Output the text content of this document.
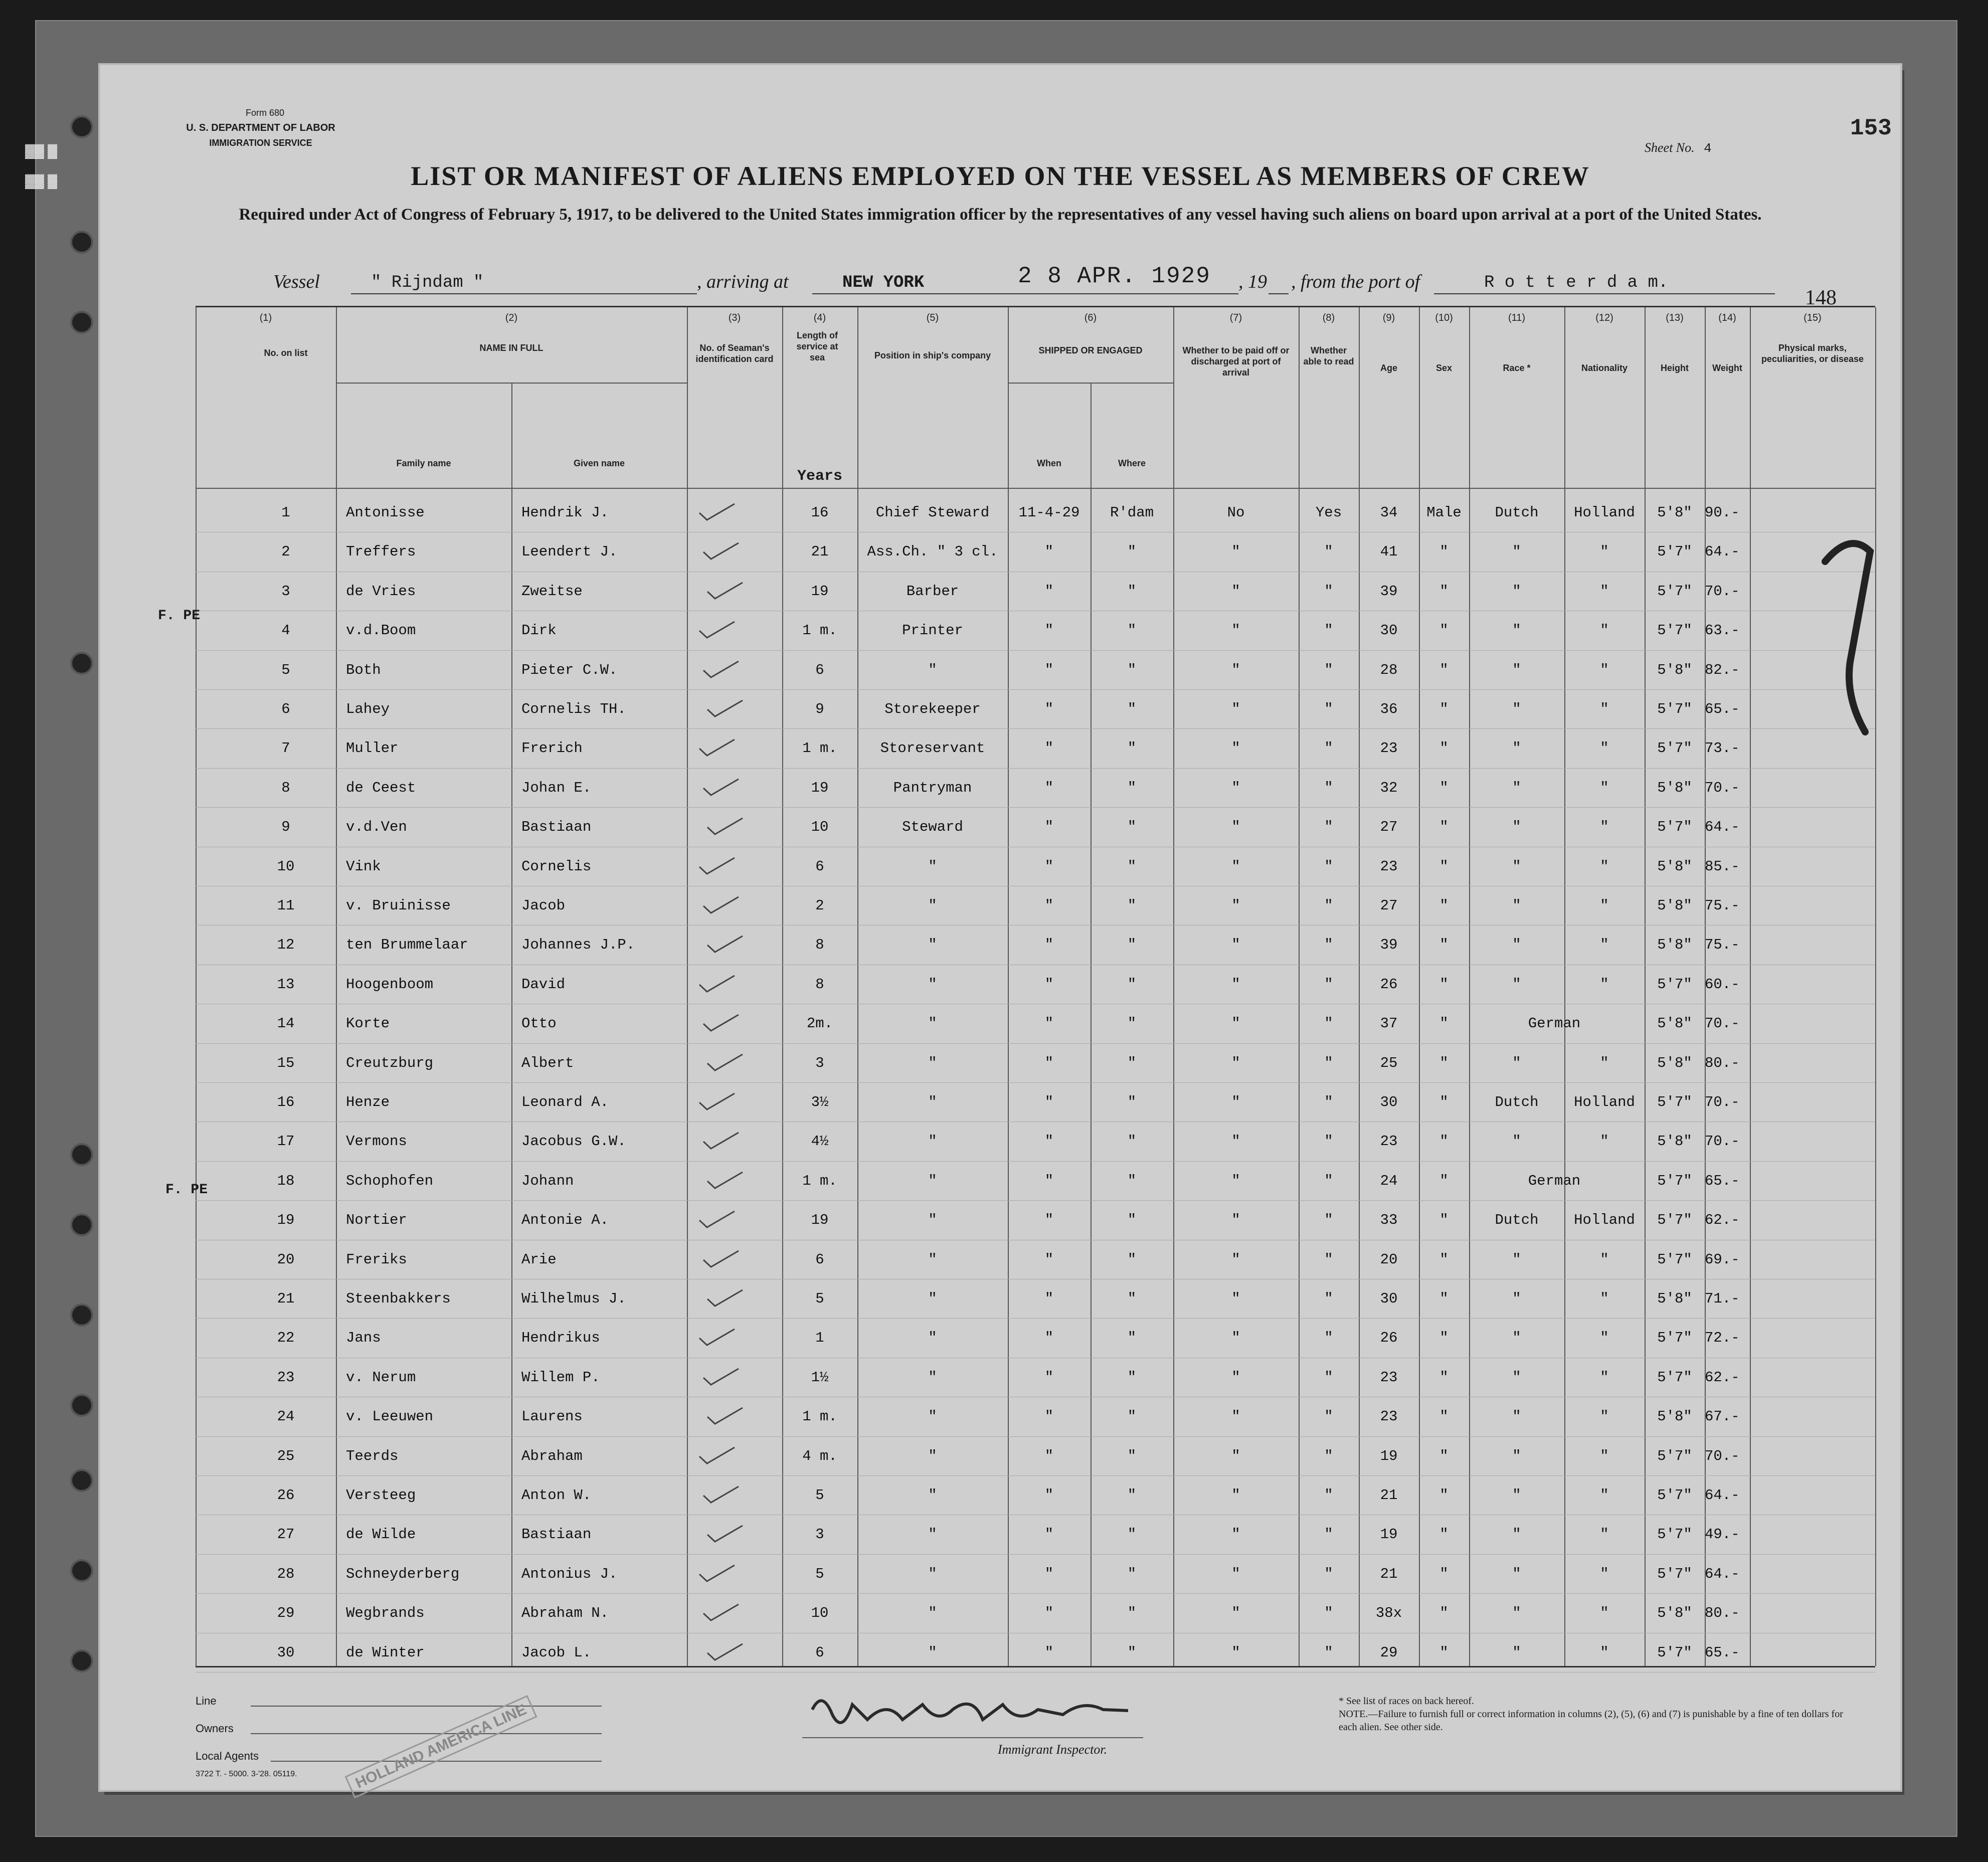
▓▓ ▓
▓▓ ▓
153
Form 680
U. S. DEPARTMENT OF LABOR
IMMIGRATION SERVICE	Sheet No. 4
LIST OR MANIFEST OF ALIENS EMPLOYED ON THE VESSEL AS MEMBERS OF CREW
Required under Act of Congress of February 5, 1917, to be delivered to the United States immigration officer by the representatives of any vessel having such aliens on board upon arrival at a port of the United States.
Vessel	" Rijndam "	, arriving at	NEW YORK	2 8 APR. 1929 , 19 , from the port of	R o t t e r d a m.
148
(1)
No. on list
(2)
NAME IN FULL
Family name	Given name
(3)
No. of Seaman's identification card
(4)
Length of service at sea
Years
(5)
Position in ship's company
(6)
SHIPPED OR ENGAGED
When	Where
(7)
Whether to be paid off or discharged at port of arrival
(8)
Whether able to read
(9)
Age
(10)
Sex
(11)
Race *
(12)
Nationality
(13)
Height
(14)
Weight
(15)
Physical marks, peculiarities, or disease
1	Antonisse	Hendrik J.	16	Chief Steward	11-4-29	R'dam	No	Yes	34	Male	Dutch	Holland	5'8" 90.-
2	Treffers	Leendert J.	21	Ass.Ch. " 3 cl.	"	"	"	"	41	"	"	"	5'7" 64.-
3	de Vries	Zweitse	19	Barber	"	"	"	"	39	"	"	"	5'7" 70.-
4	v.d.Boom	Dirk	1 m.	Printer	"	"	"	"	30	"	"	"	5'7" 63.-
5	Both	Pieter C.W.	6	"	"	"	"	"	28	"	"	"	5'8" 82.-
6	Lahey	Cornelis TH.	9	Storekeeper	"	"	"	"	36	"	"	"	5'7" 65.-
7	Muller	Frerich	1 m.	Storeservant	"	"	"	"	23	"	"	"	5'7" 73.-
8	de Ceest	Johan E.	19	Pantryman	"	"	"	"	32	"	"	"	5'8" 70.-
9	v.d.Ven	Bastiaan	10	Steward	"	"	"	"	27	"	"	"	5'7" 64.-
10	Vink	Cornelis	6	"	"	"	"	"	23	"	"	"	5'8" 85.-
11	v. Bruinisse	Jacob	2	"	"	"	"	"	27	"	"	"	5'8" 75.-
12	ten Brummelaar	Johannes J.P.	8	"	"	"	"	"	39	"	"	"	5'8" 75.-
13	Hoogenboom	David	8	"	"	"	"	"	26	"	"	"	5'7" 60.-
14	Korte	Otto	2m.	"	"	"	"	"	37	"	German	5'8" 70.-
15	Creutzburg	Albert	3	"	"	"	"	"	25	"	"	"	5'8" 80.-
16	Henze	Leonard A.	3½	"	"	"	"	"	30	"	Dutch	Holland	5'7" 70.-
17	Vermons	Jacobus G.W.	4½	"	"	"	"	"	23	"	"	"	5'8" 70.-
18	Schophofen	Johann	1 m.	"	"	"	"	"	24	"	German	5'7" 65.-
19	Nortier	Antonie A.	19	"	"	"	"	"	33	"	Dutch	Holland	5'7" 62.-
20	Freriks	Arie	6	"	"	"	"	"	20	"	"	"	5'7" 69.-
21	Steenbakkers	Wilhelmus J.	5	"	"	"	"	"	30	"	"	"	5'8" 71.-
22	Jans	Hendrikus	1	"	"	"	"	"	26	"	"	"	5'7" 72.-
23	v. Nerum	Willem P.	1½	"	"	"	"	"	23	"	"	"	5'7" 62.-
24	v. Leeuwen	Laurens	1 m.	"	"	"	"	"	23	"	"	"	5'8" 67.-
25	Teerds	Abraham	4 m.	"	"	"	"	"	19	"	"	"	5'7" 70.-
26	Versteeg	Anton W.	5	"	"	"	"	"	21	"	"	"	5'7" 64.-
27	de Wilde	Bastiaan	3	"	"	"	"	"	19	"	"	"	5'7" 49.-
28	Schneyderberg	Antonius J.	5	"	"	"	"	"	21	"	"	"	5'7" 64.-
29	Wegbrands	Abraham N.	10	"	"	"	"	"	38x	"	"	"	5'8" 80.-
30	de Winter	Jacob L.	6	"	"	"	"	"	29	"	"	"	5'7" 65.-
F. PE
F. PE
Line
Owners
Local Agents	HOLLAND AMERICA LINE	Immigrant Inspector.
* See list of races on back hereof.
NOTE.—Failure to furnish full or correct information in columns (2), (5), (6) and (7) is punishable by a fine of ten dollars for each alien. See other side.
3722 T. - 5000. 3-'28. 05119.
